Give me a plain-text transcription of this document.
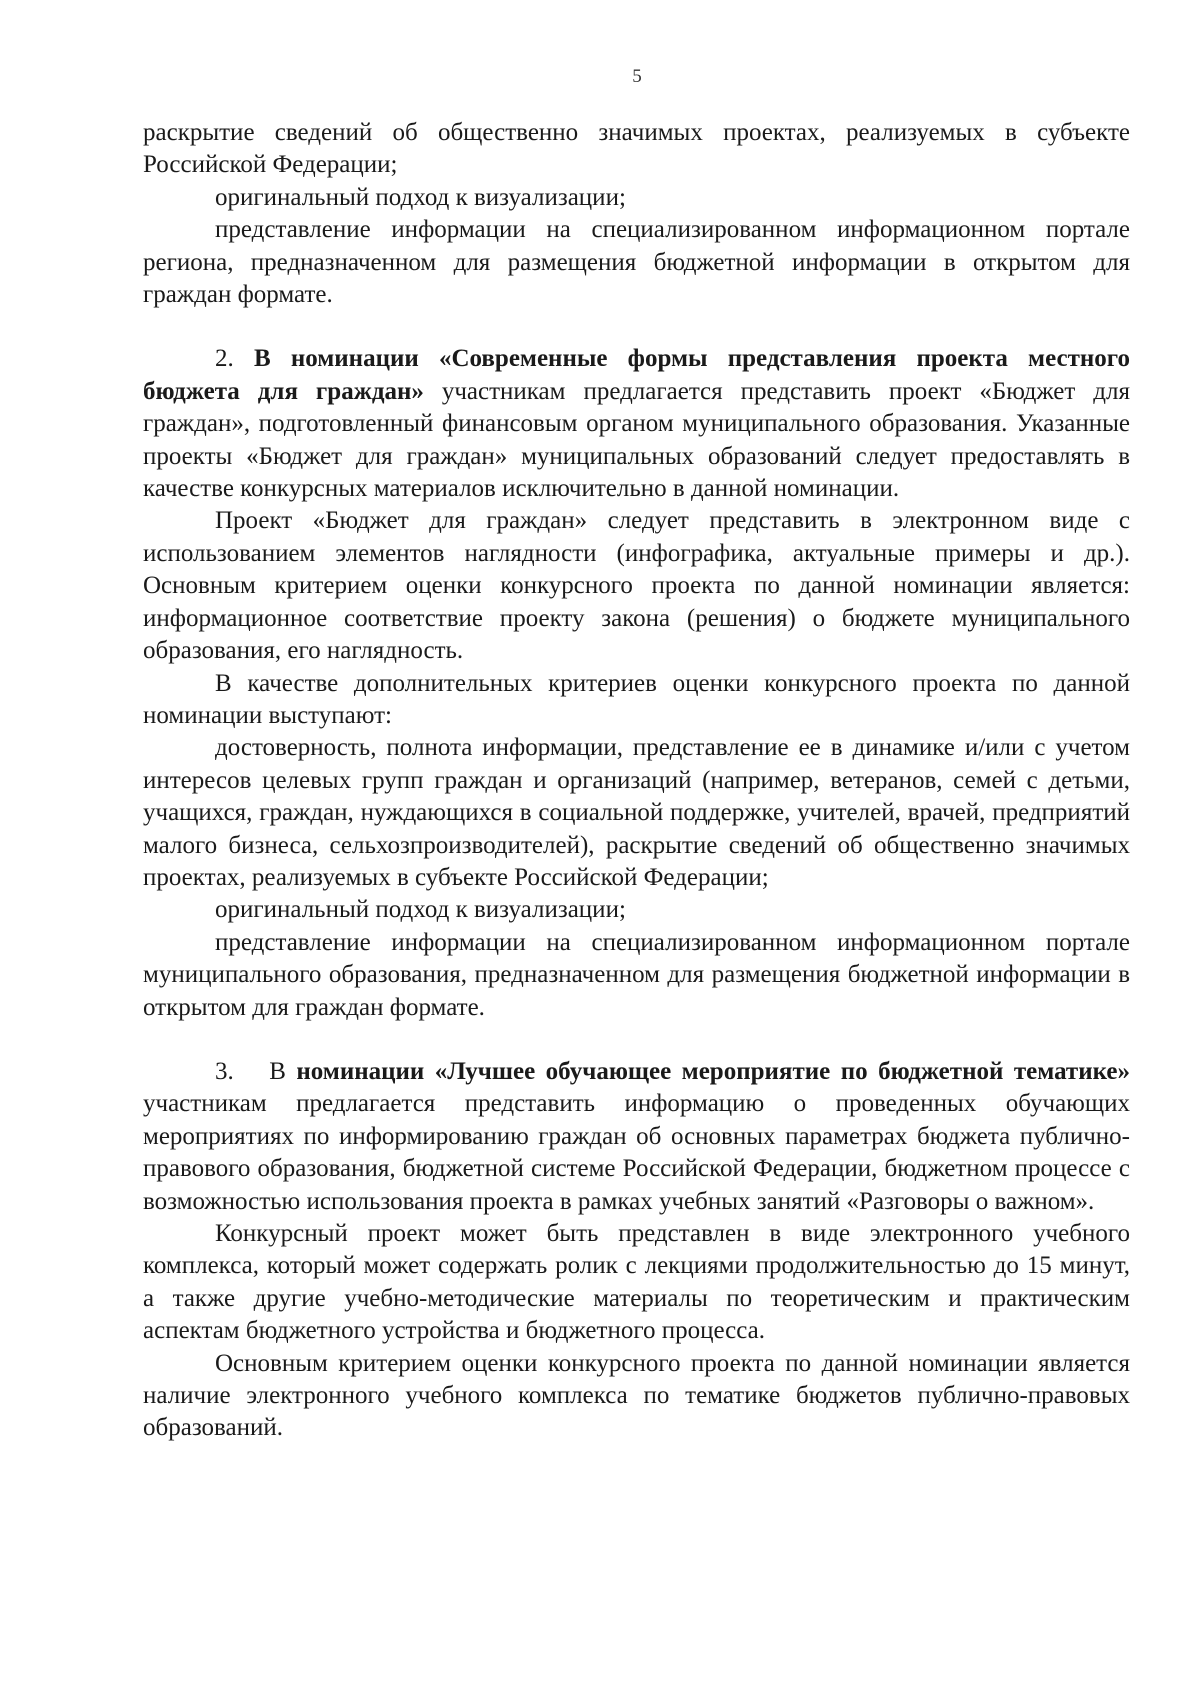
5

раскрытие сведений об общественно значимых проектах, реализуемых в субъекте Российской Федерации;

оригинальный подход к визуализации;

представление информации на специализированном информационном портале региона, предназначенном для размещения бюджетной информации в открытом для граждан формате.

2. В номинации «Современные формы представления проекта местного бюджета для граждан» участникам предлагается представить проект «Бюджет для граждан», подготовленный финансовым органом муниципального образования. Указанные проекты «Бюджет для граждан» муниципальных образований следует предоставлять в качестве конкурсных материалов исключительно в данной номинации.

Проект «Бюджет для граждан» следует представить в электронном виде с использованием элементов наглядности (инфографика, актуальные примеры и др.). Основным критерием оценки конкурсного проекта по данной номинации является: информационное соответствие проекту закона (решения) о бюджете муниципального образования, его наглядность.

В качестве дополнительных критериев оценки конкурсного проекта по данной номинации выступают:

достоверность, полнота информации, представление ее в динамике и/или с учетом интересов целевых групп граждан и организаций (например, ветеранов, семей с детьми, учащихся, граждан, нуждающихся в социальной поддержке, учителей, врачей, предприятий малого бизнеса, сельхозпроизводителей), раскрытие сведений об общественно значимых проектах, реализуемых в субъекте Российской Федерации;

оригинальный подход к визуализации;

представление информации на специализированном информационном портале муниципального образования, предназначенном для размещения бюджетной информации в открытом для граждан формате.

3.  В номинации «Лучшее обучающее мероприятие по бюджетной тематике» участникам предлагается представить информацию о проведенных обучающих мероприятиях по информированию граждан об основных параметрах бюджета публично-правового образования, бюджетной системе Российской Федерации, бюджетном процессе с возможностью использования проекта в рамках учебных занятий «Разговоры о важном».

Конкурсный проект может быть представлен в виде электронного учебного комплекса, который может содержать ролик с лекциями продолжительностью до 15 минут, а также другие учебно-методические материалы по теоретическим и практическим аспектам бюджетного устройства и бюджетного процесса.

Основным критерием оценки конкурсного проекта по данной номинации является наличие электронного учебного комплекса по тематике бюджетов публично-правовых образований.
